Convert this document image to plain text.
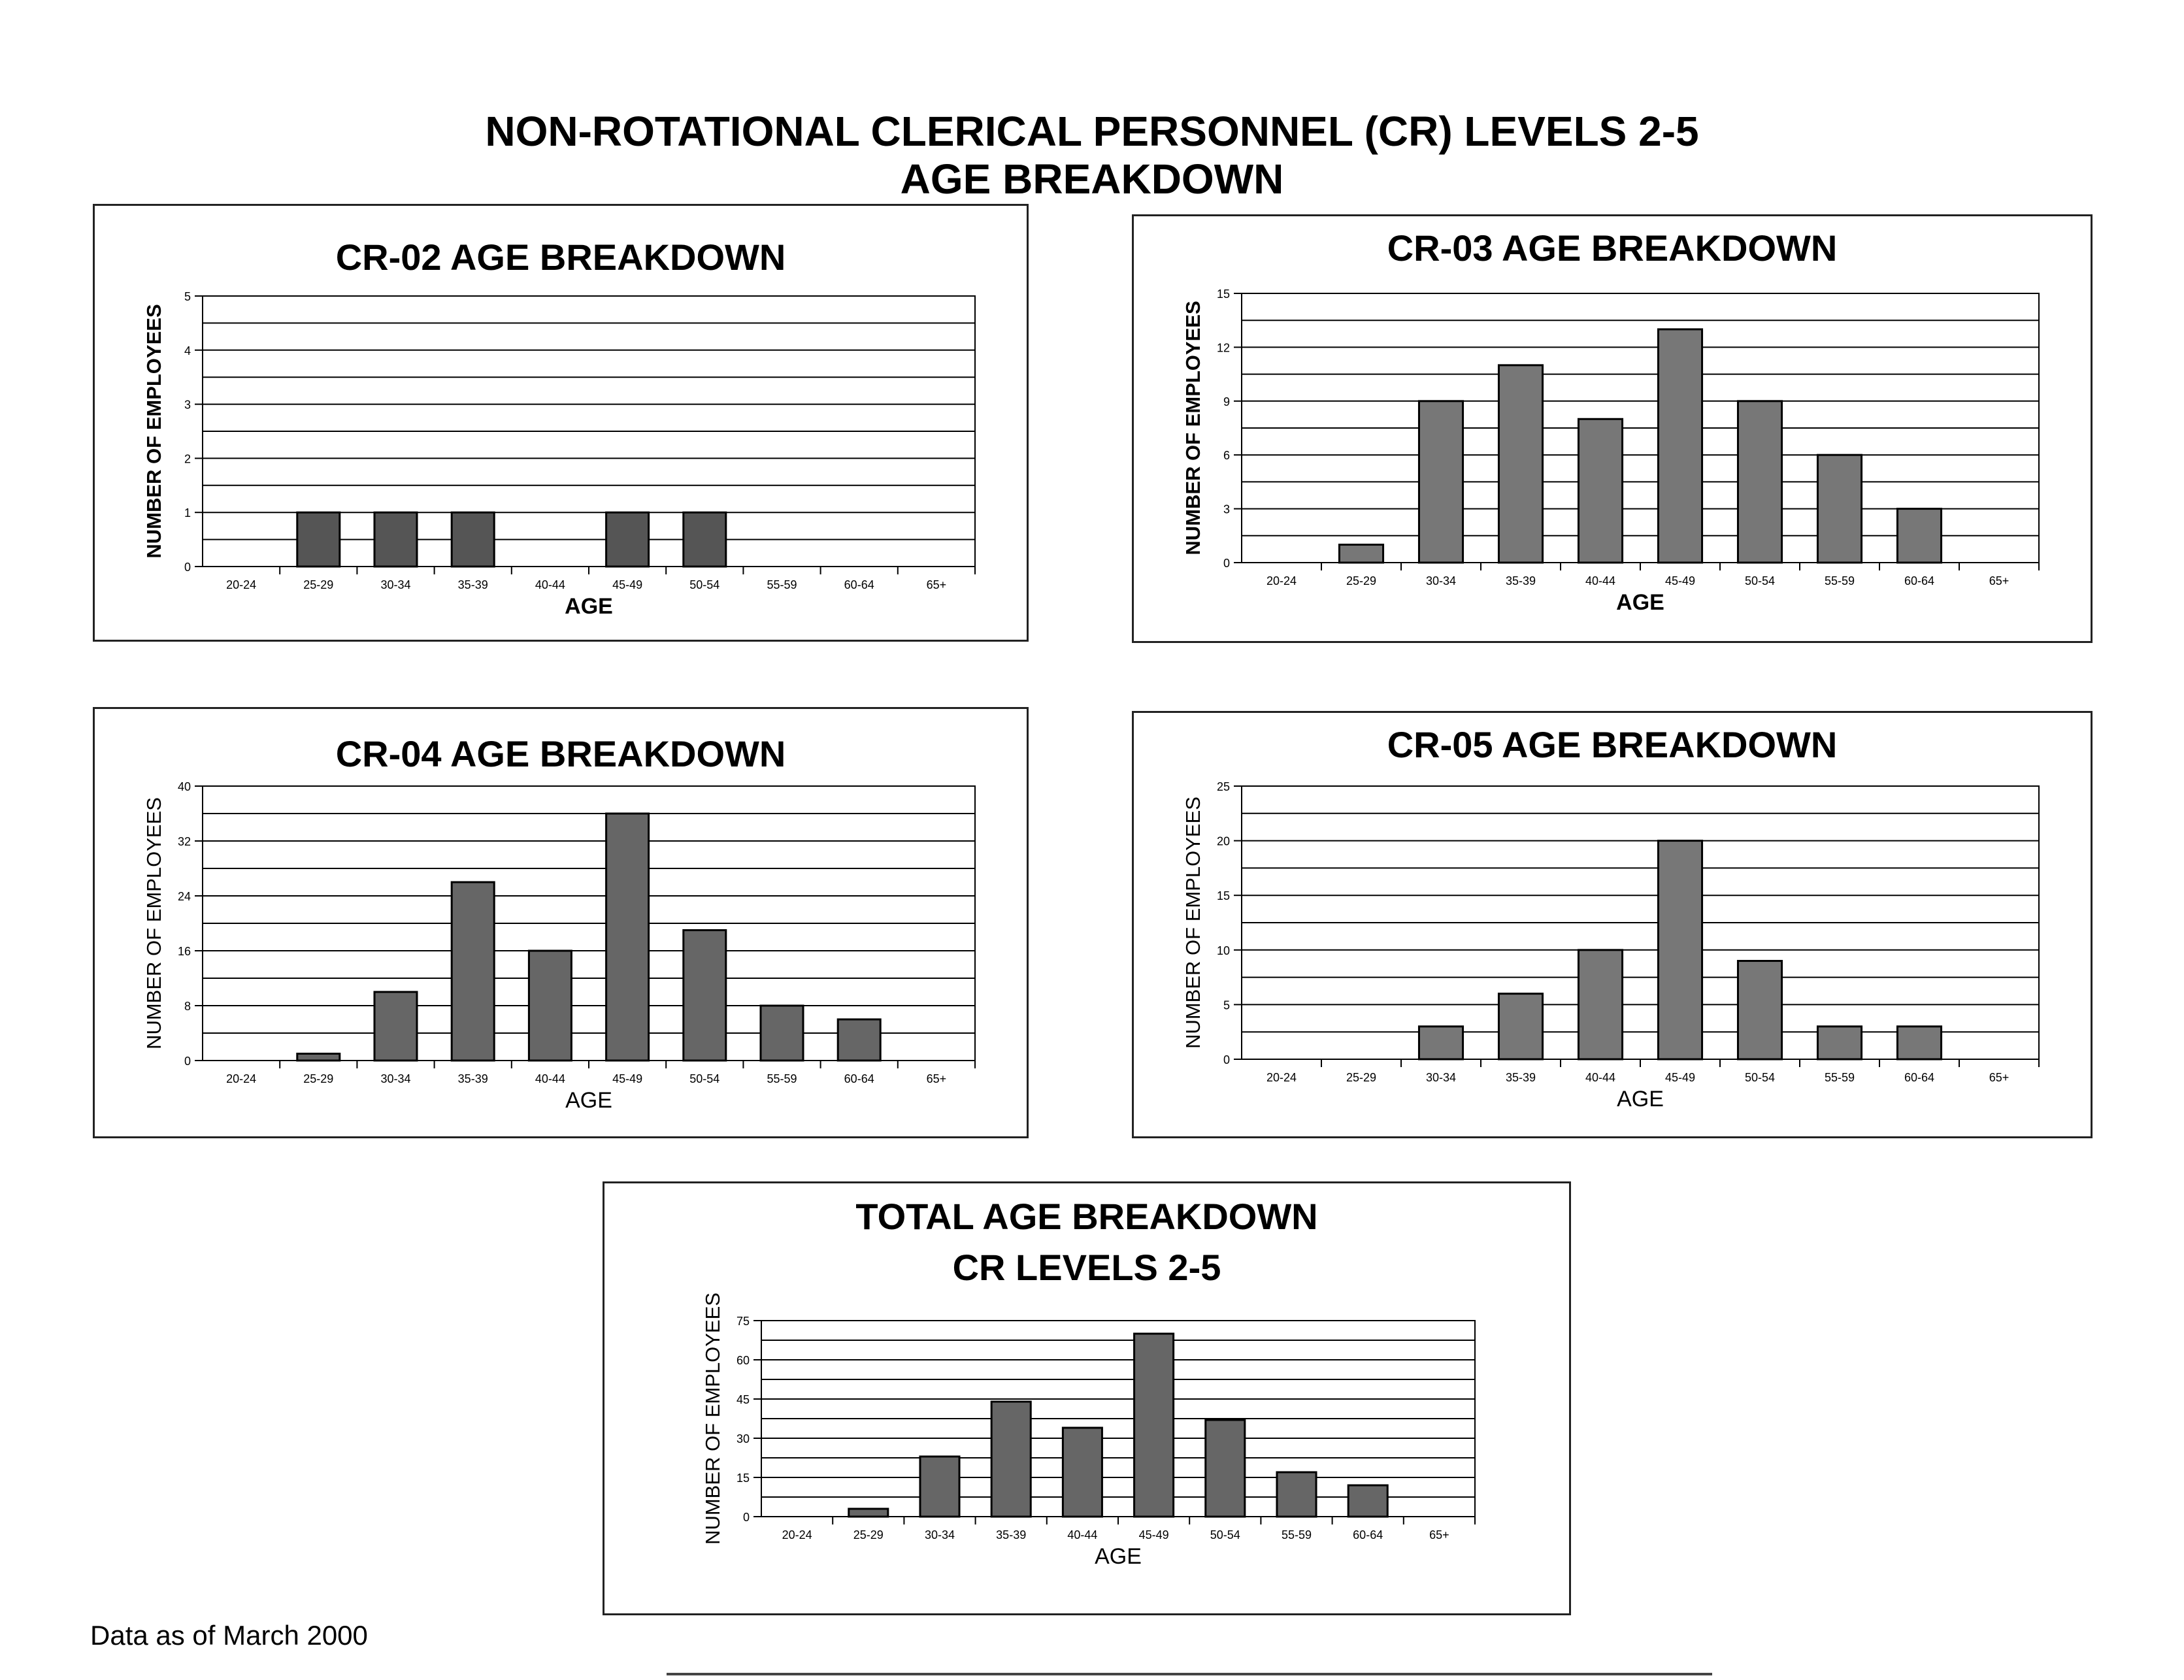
NON-ROTATIONAL CLERICAL PERSONNEL (CR) LEVELS 2-5
AGE BREAKDOWN
CR-02 AGE BREAKDOWN
0
1
2
3
4
5
20-24	25-29	30-34	35-39	40-44	45-49	50-54	55-59	60-64	65+
AGE
NUMBER OF EMPLOYEES
CR-03 AGE BREAKDOWN
0
3
6
9
12
15
20-24	25-29	30-34	35-39	40-44	45-49	50-54	55-59	60-64	65+
AGE
NUMBER OF EMPLOYEES
CR-04 AGE BREAKDOWN
0
8
16
24
32
40
20-24	25-29	30-34	35-39	40-44	45-49	50-54	55-59	60-64	65+
AGE
NUMBER OF EMPLOYEES
CR-05 AGE BREAKDOWN
0
5
10
15
20
25
20-24	25-29	30-34	35-39	40-44	45-49	50-54	55-59	60-64	65+
AGE
NUMBER OF EMPLOYEES
TOTAL AGE BREAKDOWN
CR LEVELS 2-5
0
15
30
45
60
75
20-24	25-29	30-34	35-39	40-44	45-49	50-54	55-59	60-64	65+
AGE
NUMBER OF EMPLOYEES

Data as of March 2000
